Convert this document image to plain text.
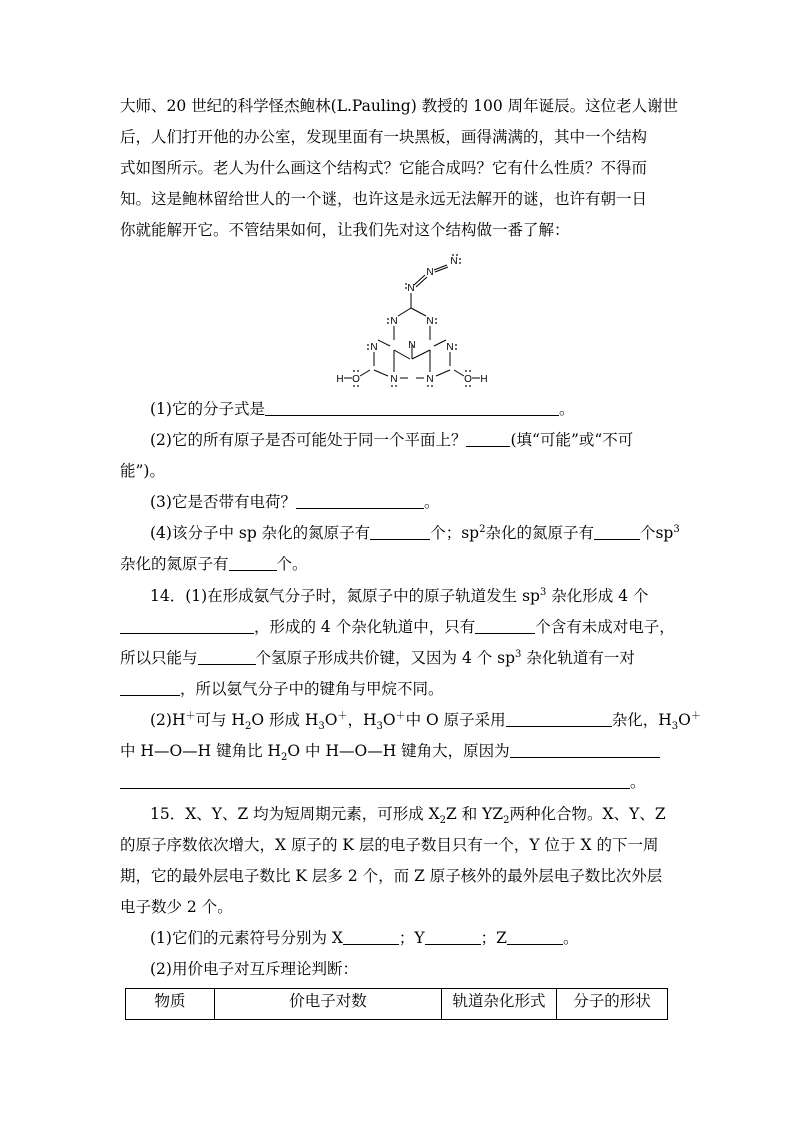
大师、20 世纪的科学怪杰鲍林(L.Pauling) 教授的 100 周年诞辰。这位老人谢世
后，人们打开他的办公室，发现里面有一块黑板，画得满满的，其中一个结构
式如图所示。老人为什么画这个结构式？它能合成吗？它有什么性质？不得而
知。这是鲍林留给世人的一个谜，也许这是永远无法解开的谜，也许有朝一日
你就能解开它。不管结果如何，让我们先对这个结构做一番了解：
N
N
N
N	N
N	N	N
N	N
O	O
H	H
(1)它的分子式是	。
(2)它的所有原子是否可能处于同一个平面上？	(填“可能”或“不可
能”)。
(3)它是否带有电荷？	。
(4)该分子中 sp 杂化的氮原子有	个；$sp^2$杂化的氮原子有	个$sp^3$
杂化的氮原子有	个。
14．(1)在形成氨气分子时，氮原子中的原子轨道发生 $sp^3$ 杂化形成 4 个
，形成的 4 个杂化轨道中，只有	个含有未成对电子，
所以只能与	个氢原子形成共价键，又因为 4 个 $sp^3$ 杂化轨道有一对
，所以氨气分子中的键角与甲烷不同。
(2)H＋可与 $H_2O$ 形成 $H_3O^+$，$H_3O^+$中 O 原子采用	杂化，$H_3O^+$
中 H—O—H 键角比 $H_2O$ 中 H—O—H 键角大，原因为
。
15．X、Y、Z 均为短周期元素，可形成 $X_2Z$ 和 $YZ_2$两种化合物。X、Y、Z
的原子序数依次增大，X 原子的 K 层的电子数目只有一个，Y 位于 X 的下一周
期，它的最外层电子数比 K 层多 2 个，而 Z 原子核外的最外层电子数比次外层
电子数少 2 个。
(1)它们的元素符号分别为 X	；Y	；Z	。
(2)用价电子对互斥理论判断：
物质	价电子对数	轨道杂化形式	分子的形状
